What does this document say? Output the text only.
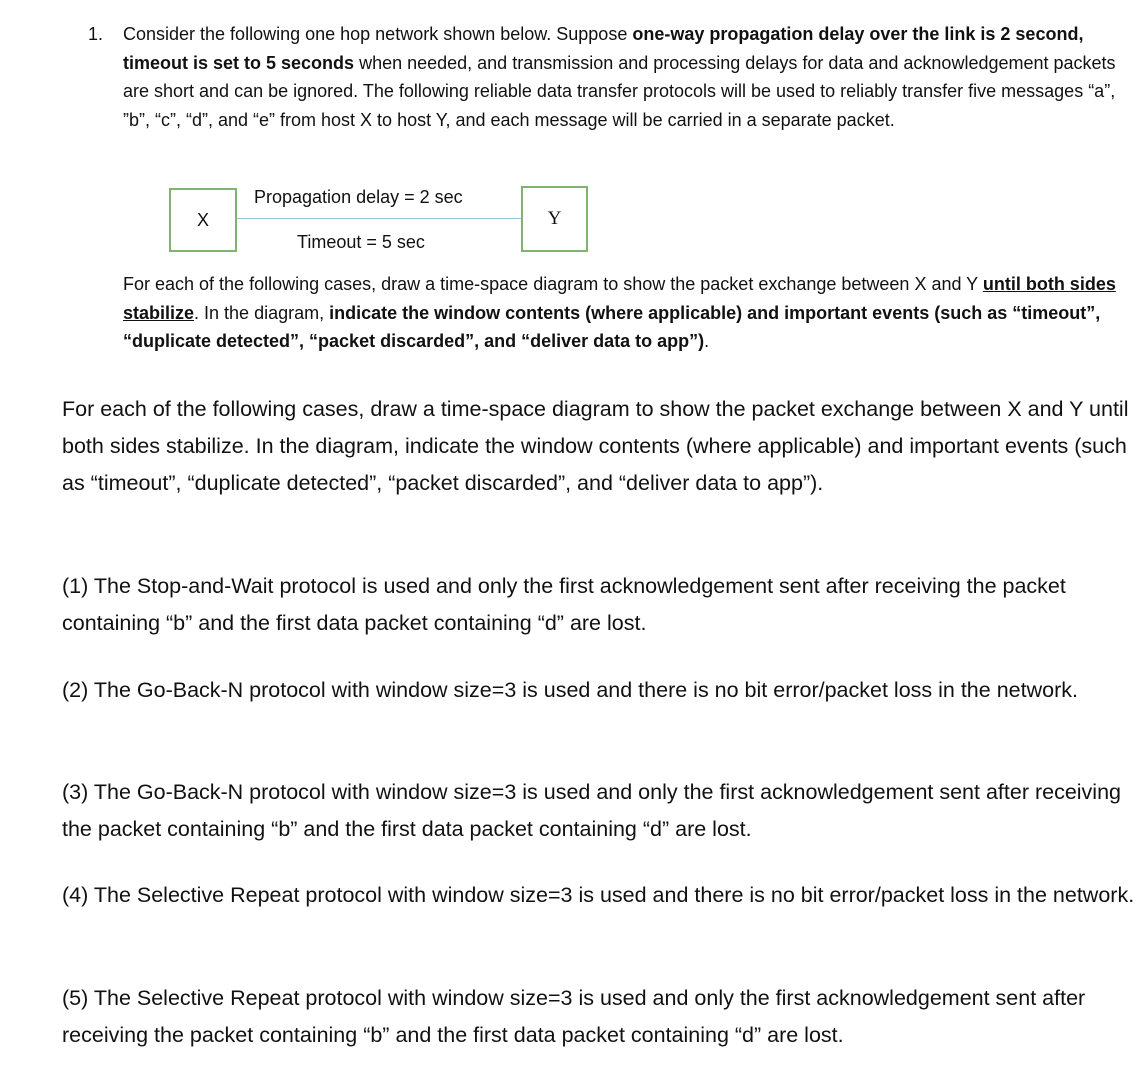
1. Consider the following one hop network shown below. Suppose one-way propagation delay over the link is 2 second, timeout is set to 5 seconds when needed, and transmission and processing delays for data and acknowledgement packets are short and can be ignored. The following reliable data transfer protocols will be used to reliably transfer five messages “a”, ”b”, “c”, “d”, and “e” from host X to host Y, and each message will be carried in a separate packet.
X	Y
Propagation delay = 2 sec
Timeout = 5 sec
For each of the following cases, draw a time-space diagram to show the packet exchange between X and Y until both sides stabilize. In the diagram, indicate the window contents (where applicable) and important events (such as “timeout”, “duplicate detected”, “packet discarded”, and “deliver data to app”).

For each of the following cases, draw a time-space diagram to show the packet exchange between X and Y until both sides stabilize. In the diagram, indicate the window contents (where applicable) and important events (such as “timeout”, “duplicate detected”, “packet discarded”, and “deliver data to app”).

(1) The Stop-and-Wait protocol is used and only the first acknowledgement sent after receiving the packet containing “b” and the first data packet containing “d” are lost.

(2) The Go-Back-N protocol with window size=3 is used and there is no bit error/packet loss in the network.

(3) The Go-Back-N protocol with window size=3 is used and only the first acknowledgement sent after receiving the packet containing “b” and the first data packet containing “d” are lost.

(4) The Selective Repeat protocol with window size=3 is used and there is no bit error/packet loss in the network.

(5) The Selective Repeat protocol with window size=3 is used and only the first acknowledgement sent after receiving the packet containing “b” and the first data packet containing “d” are lost.
